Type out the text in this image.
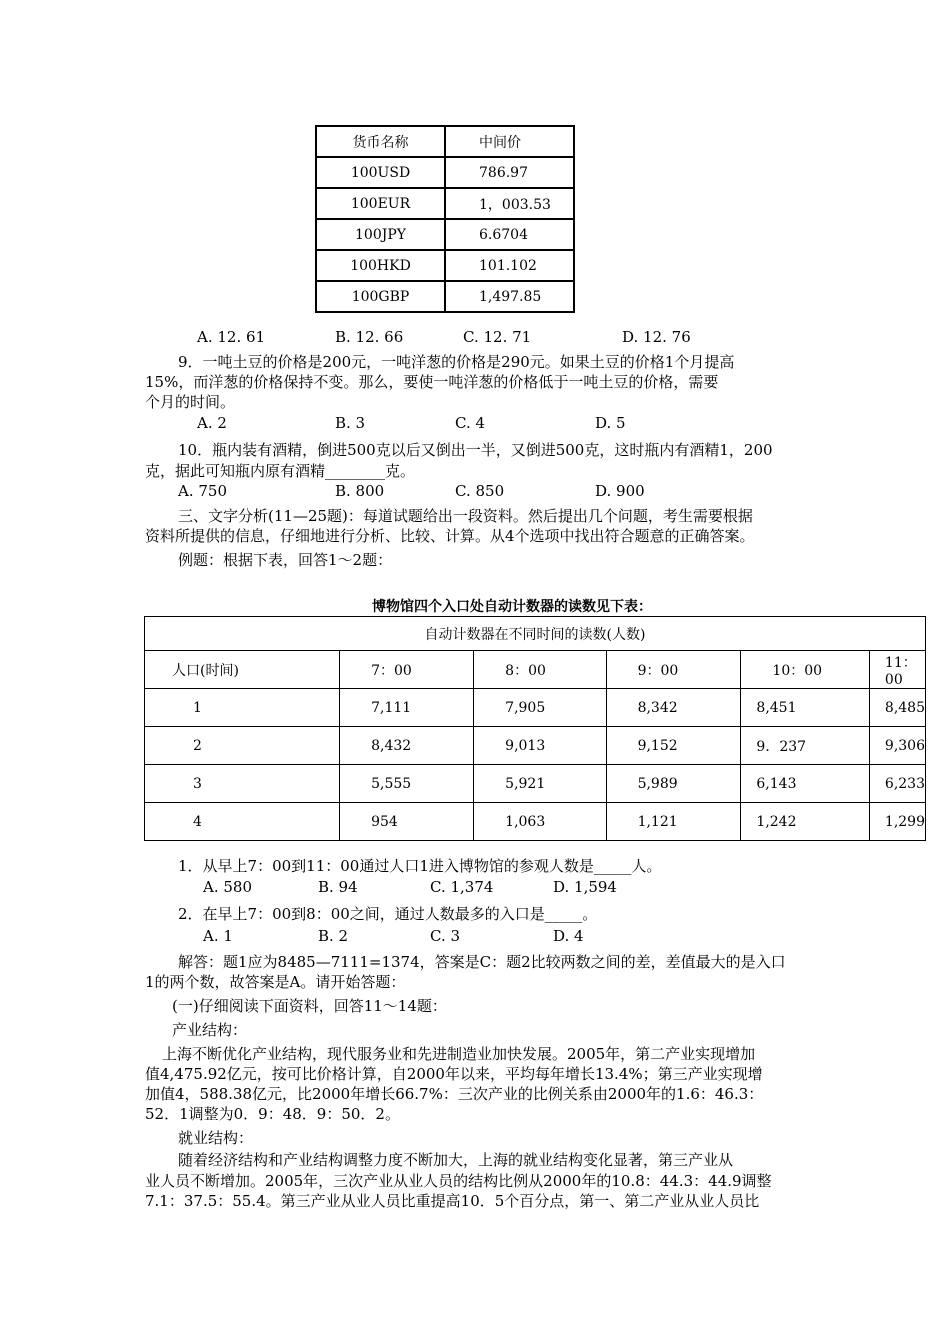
货币名称	中间价
100USD	786.97
100EUR	1，003.53
100JPY	6.6704
100HKD	101.102
100GBP	1,497.85
A. 12. 61	B. 12. 66	C. 12. 71	D. 12. 76
9．一吨土豆的价格是200元，一吨洋葱的价格是290元。如果土豆的价格1个月提高
15%，而洋葱的价格保持不变。那么，要使一吨洋葱的价格低于一吨土豆的价格，需要
个月的时间。
A. 2	B. 3	C. 4	D. 5
10．瓶内装有酒精，倒进500克以后又倒出一半，又倒进500克，这时瓶内有酒精1，200
克，据此可知瓶内原有酒精________克。
A. 750	B. 800	C. 850	D. 900
三、文字分析(11—25题)：每道试题给出一段资料。然后提出几个问题，考生需要根据
资料所提供的信息，仔细地进行分析、比较、计算。从4个选项中找出符合题意的正确答案。
例题：根据下表，回答1～2题：
博物馆四个入口处自动计数器的读数见下表：
自动计数器在不同时间的读数(人数)					
人口(时间)	7：00	8：00	9：00	10：00	11：00
1	7,111	7,905	8,342	8,451	8,485
2	8,432	9,013	9,152	9．237	9,306
3	5,555	5,921	5,989	6,143	6,233
4	954	1,063	1,121	1,242	1,299
1．从早上7：00到11：00通过人口1进入博物馆的参观人数是_____人。
A. 580	B. 94	C. 1,374	D. 1,594
2．在早上7：00到8：00之间，通过人数最多的入口是_____。
A. 1	B. 2	C. 3	D. 4
解答：题1应为8485—7111=1374，答案是C：题2比较两数之间的差，差值最大的是入口
1的两个数，故答案是A。请开始答题：
(一)仔细阅读下面资料，回答11～14题：
产业结构：
上海不断优化产业结构，现代服务业和先进制造业加快发展。2005年，第二产业实现增加
值4,475.92亿元，按可比价格计算，自2000年以来，平均每年增长13.4%；第三产业实现增
加值4，588.38亿元，比2000年增长66.7%：三次产业的比例关系由2000年的1.6：46.3：
52．1调整为0．9：48．9：50．2。
就业结构：
随着经济结构和产业结构调整力度不断加大，上海的就业结构变化显著，第三产业从
业人员不断增加。2005年，三次产业从业人员的结构比例从2000年的10.8：44.3：44.9调整
7.1：37.5：55.4。第三产业从业人员比重提高10．5个百分点，第一、第二产业从业人员比
